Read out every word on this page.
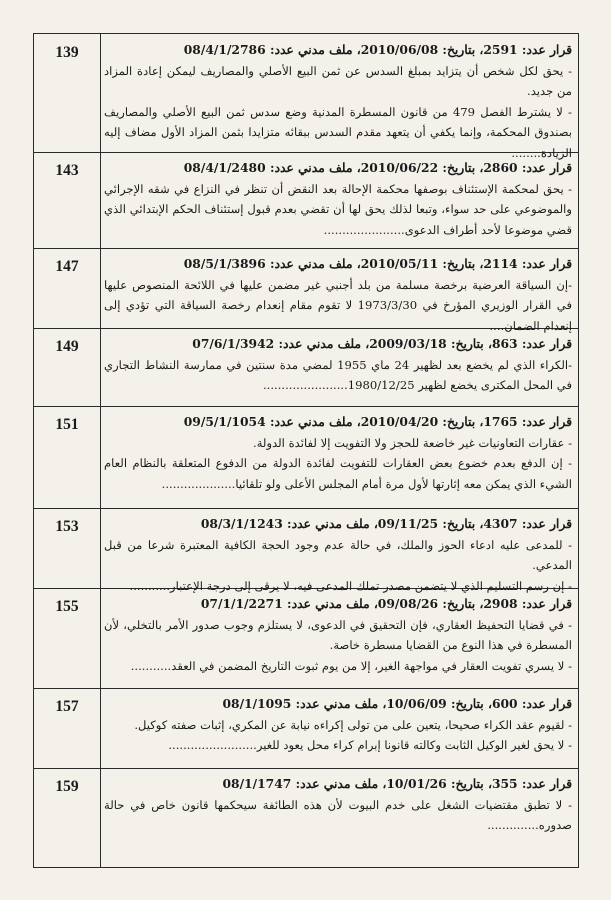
139	قرار عدد: 2591، بتاريخ: 2010/06/08، ملف مدني عدد: 08/4/1/2786
- يحق لكل شخص أن يتزايد بمبلغ السدس عن ثمن البيع الأصلي والمصاريف ليمكن إعادة المزاد من جديد.
- لا يشترط الفصل 479 من قانون المسطرة المدنية وضع سدس ثمن البيع الأصلي والمصاريف بصندوق المحكمة، وإنما يكفي أن يتعهد مقدم السدس ببقائه متزايدا بثمن المزاد الأول مضاف إليه الزيادة........
143	قرار عدد: 2860، بتاريخ: 2010/06/22، ملف مدني عدد: 08/4/1/2480
- يحق لمحكمة الإستئناف بوصفها محكمة الإحالة بعد النقض أن تنظر في النزاع في شقه الإجرائي والموضوعي على حد سواء، وتبعا لذلك يحق لها أن تقضي بعدم قبول إستئناف الحكم الإبتدائي الذي قضي موضوعا لأحد أطراف الدعوى......................
147	قرار عدد: 2114، بتاريخ: 2010/05/11، ملف مدني عدد: 08/5/1/3896
-إن السياقة العرضية برخصة مسلمة من بلد أجنبي غير مضمن عليها في اللائحة المنصوص عليها في القرار الوزيري المؤرخ في 1973/3/30 لا تقوم مقام إنعدام رخصة السياقة التي تؤدي إلى إنعدام الضمان....
149	قرار عدد: 863، بتاريخ: 2009/03/18، ملف مدني عدد: 07/6/1/3942
-الكراء الذي لم يخضع بعد لظهير 24 ماي 1955 لمضي مدة سنتين في ممارسة النشاط التجاري في المحل المكترى يخضع لظهير 1980/12/25.......................
151	قرار عدد: 1765، بتاريخ: 2010/04/20، ملف مدني عدد: 09/5/1/1054
- عقارات التعاونيات غير خاضعة للحجز ولا التفويت إلا لفائدة الدولة.
- إن الدفع بعدم خضوع بعض العقارات للتفويت لفائدة الدولة من الدفوع المتعلقة بالنظام العام الشيء الذي يمكن معه إثارتها لأول مرة أمام المجلس الأعلى ولو تلقائيا....................
153	قرار عدد: 4307، بتاريخ: 09/11/25، ملف مدني عدد: 08/3/1/1243
- للمدعى عليه ادعاء الحوز والملك، في حالة عدم وجود الحجة الكافية المعتبرة شرعا من قبل المدعي.
- إن رسم التسليم الذي لا يتضمن مصدر تملك المدعى فيه، لا يرقى إلى درجة الإعتبار...........
155	قرار عدد: 2908، بتاريخ: 09/08/26، ملف مدني عدد: 07/1/1/2271
- في قضايا التحفيظ العقاري، فإن التحقيق في الدعوى، لا يستلزم وجوب صدور الأمر بالتخلي، لأن المسطرة في هذا النوع من القضايا مسطرة خاصة.
- لا يسري تفويت العقار في مواجهة الغير، إلا من يوم ثبوت التاريخ المضمن في العقد...........
157	قرار عدد: 600، بتاريخ: 10/06/09، ملف مدني عدد: 08/1/1095
- لقيوم عقد الكراء صحيحا، يتعين على من تولى إكراءه نيابة عن المكري، إثبات صفته كوكيل.
- لا يحق لغير الوكيل الثابت وكالته قانونا إبرام كراء محل يعود للغير........................
159	قرار عدد: 355، بتاريخ: 10/01/26، ملف مدني عدد: 08/1/1747
- لا تطبق مقتضيات الشغل على خدم البيوت لأن هذه الطائفة سيحكمها قانون خاص في حالة صدوره..............
